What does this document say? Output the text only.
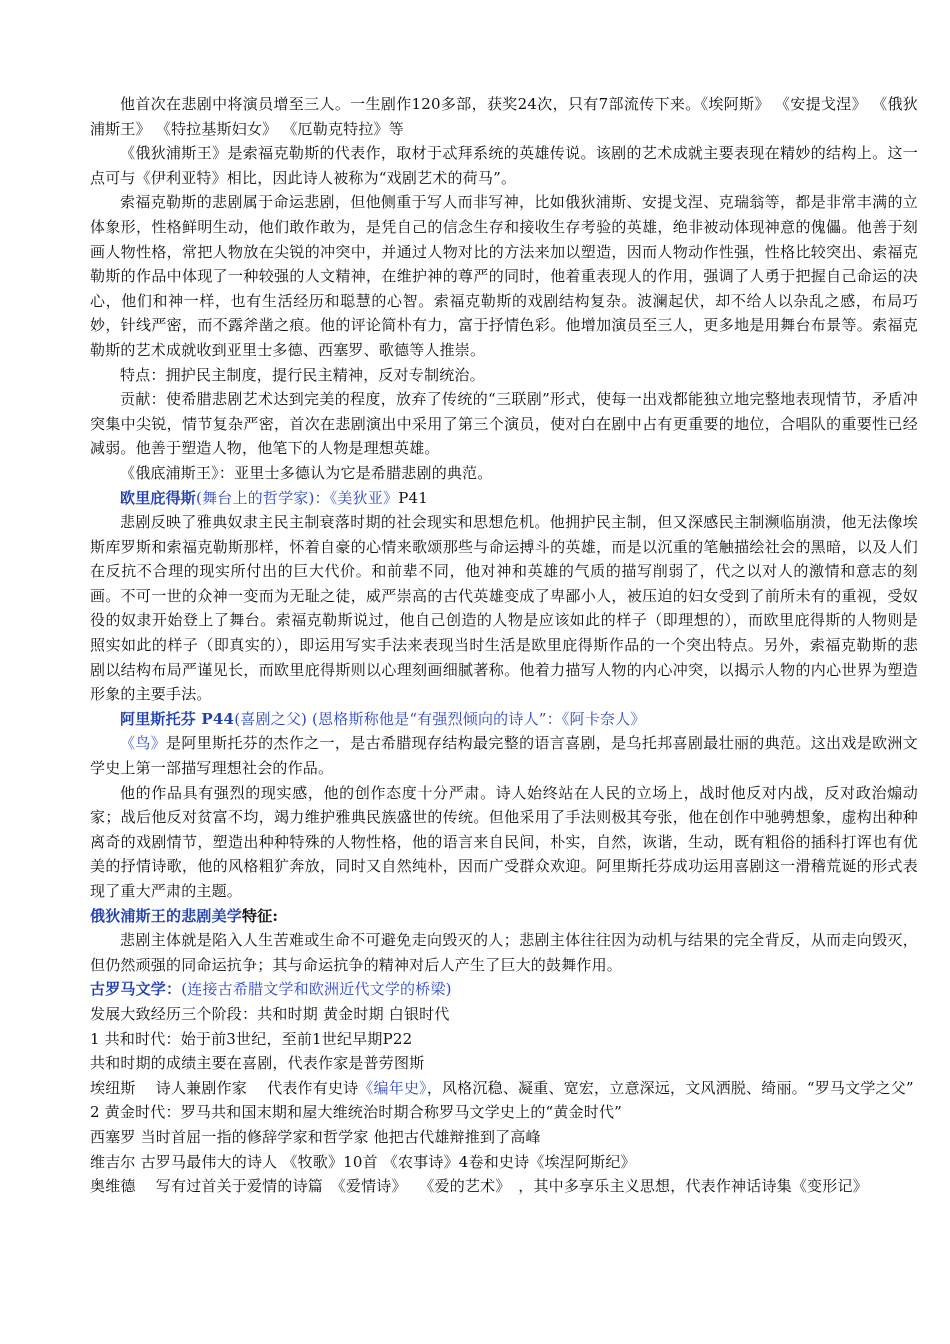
他首次在悲剧中将演员增至三人。一生剧作120多部，获奖24次，只有7部流传下来。《埃阿斯》 《安提戈涅》 《俄狄浦斯王》 《特拉基斯妇女》 《厄勒克特拉》等

《俄狄浦斯王》是索福克勒斯的代表作，取材于忒拜系统的英雄传说。该剧的艺术成就主要表现在精妙的结构上。这一点可与《伊利亚特》相比，因此诗人被称为“戏剧艺术的荷马”。

索福克勒斯的悲剧属于命运悲剧，但他侧重于写人而非写神，比如俄狄浦斯、安提戈涅、克瑞翁等，都是非常丰满的立体象形，性格鲜明生动，他们敢作敢为，是凭自己的信念生存和接收生存考验的英雄，绝非被动体现神意的傀儡。他善于刻画人物性格，常把人物放在尖锐的冲突中，并通过人物对比的方法来加以塑造，因而人物动作性强，性格比较突出、索福克勒斯的作品中体现了一种较强的人文精神，在维护神的尊严的同时，他着重表现人的作用，强调了人勇于把握自己命运的决心，他们和神一样，也有生活经历和聪慧的心智。索福克勒斯的戏剧结构复杂。波澜起伏，却不给人以杂乱之感，布局巧妙，针线严密，而不露斧凿之痕。他的评论简朴有力，富于抒情色彩。他增加演员至三人，更多地是用舞台布景等。索福克勒斯的艺术成就收到亚里士多德、西塞罗、歌德等人推崇。

特点：拥护民主制度，提行民主精神，反对专制统治。

贡献：使希腊悲剧艺术达到完美的程度，放弃了传统的“三联剧”形式，使每一出戏都能独立地完整地表现情节，矛盾冲突集中尖锐，情节复杂严密，首次在悲剧演出中采用了第三个演员，使对白在剧中占有更重要的地位，合唱队的重要性已经减弱。他善于塑造人物，他笔下的人物是理想英雄。

《俄底浦斯王》：亚里士多德认为它是希腊悲剧的典范。

欧里庇得斯(舞台上的哲学家)：《美狄亚》P41

悲剧反映了雅典奴隶主民主制衰落时期的社会现实和思想危机。他拥护民主制，但又深感民主制濒临崩溃，他无法像埃斯库罗斯和索福克勒斯那样，怀着自豪的心情来歌颂那些与命运搏斗的英雄，而是以沉重的笔触描绘社会的黑暗，以及人们在反抗不合理的现实所付出的巨大代价。和前辈不同，他对神和英雄的气质的描写削弱了，代之以对人的激情和意志的刻画。不可一世的众神一变而为无耻之徒，威严崇高的古代英雄变成了卑鄙小人，被压迫的妇女受到了前所未有的重视，受奴役的奴隶开始登上了舞台。索福克勒斯说过，他自己创造的人物是应该如此的样子（即理想的），而欧里庇得斯的人物则是照实如此的样子（即真实的），即运用写实手法来表现当时生活是欧里庇得斯作品的一个突出特点。另外，索福克勒斯的悲剧以结构布局严谨见长，而欧里庇得斯则以心理刻画细腻著称。他着力描写人物的内心冲突，以揭示人物的内心世界为塑造形象的主要手法。

阿里斯托芬 P44(喜剧之父) (恩格斯称他是“有强烈倾向的诗人”：《阿卡奈人》

《鸟》是阿里斯托芬的杰作之一，是古希腊现存结构最完整的语言喜剧，是乌托邦喜剧最壮丽的典范。这出戏是欧洲文学史上第一部描写理想社会的作品。

他的作品具有强烈的现实感，他的创作态度十分严肃。诗人始终站在人民的立场上，战时他反对内战，反对政治煽动家；战后他反对贫富不均，竭力维护雅典民族盛世的传统。但他采用了手法则极其夸张，他在创作中驰骋想象，虚构出种种离奇的戏剧情节，塑造出种种特殊的人物性格，他的语言来自民间，朴实，自然，诙谐，生动，既有粗俗的插科打诨也有优美的抒情诗歌，他的风格粗犷奔放，同时又自然纯朴，因而广受群众欢迎。阿里斯托芬成功运用喜剧这一滑稽荒诞的形式表现了重大严肃的主题。

俄狄浦斯王的悲剧美学特征:

悲剧主体就是陷入人生苦难或生命不可避免走向毁灭的人；悲剧主体往往因为动机与结果的完全背反，从而走向毁灭，但仍然顽强的同命运抗争；其与命运抗争的精神对后人产生了巨大的鼓舞作用。

古罗马文学：(连接古希腊文学和欧洲近代文学的桥梁)

发展大致经历三个阶段：共和时期 黄金时期 白银时代

1 共和时代：始于前3世纪，至前1世纪早期P22

共和时期的成绩主要在喜剧，代表作家是普劳图斯

埃纽斯　 诗人兼剧作家　 代表作有史诗《编年史》，风格沉稳、凝重、宽宏，立意深远，文风洒脱、绮丽。“罗马文学之父”

2 黄金时代：罗马共和国末期和屋大维统治时期合称罗马文学史上的“黄金时代”

西塞罗 当时首屈一指的修辞学家和哲学家 他把古代雄辩推到了高峰

维吉尔 古罗马最伟大的诗人 《牧歌》10首 《农事诗》4卷和史诗《埃涅阿斯纪》

奥维德　 写有过首关于爱情的诗篇　《爱情诗》　 《爱的艺术》　，其中多享乐主义思想，代表作神话诗集《变形记》
